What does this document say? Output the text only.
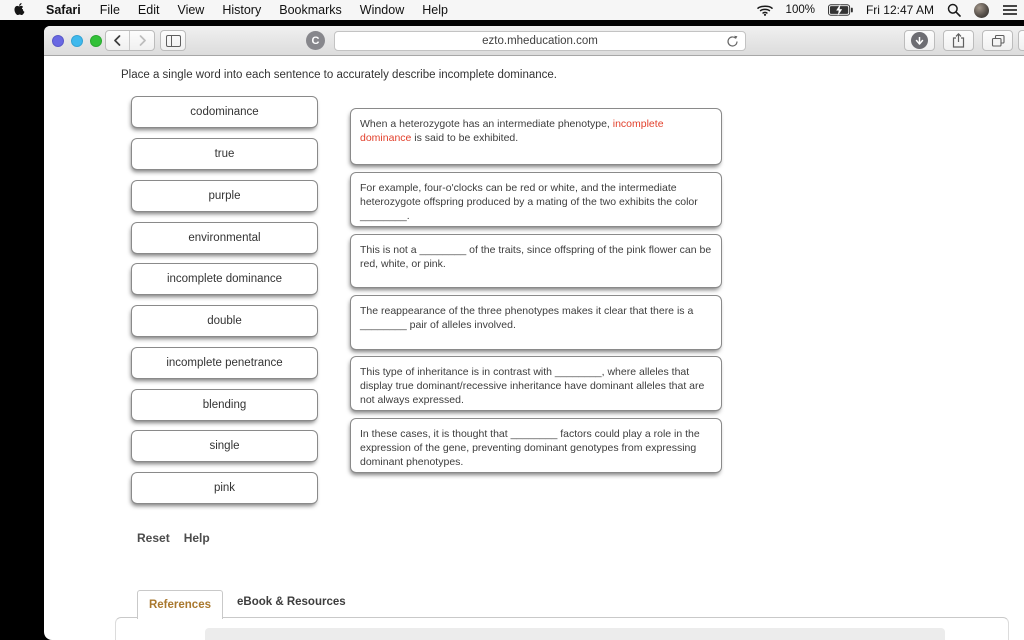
Safari	File	Edit	View	History	Bookmarks	Window	Help	100%	Fri 12:47 AM
C	ezto.mheducation.com
Place a single word into each sentence to accurately describe incomplete dominance.
codominance
true
purple
environmental
incomplete dominance
double
incomplete penetrance
blending
single
pink
When a heterozygote has an intermediate phenotype, incomplete dominance is said to be exhibited.
For example, four-o'clocks can be red or white, and the intermediate heterozygote offspring produced by a mating of the two exhibits the color ________.
This is not a ________ of the traits, since offspring of the pink flower can be red, white, or pink.
The reappearance of the three phenotypes makes it clear that there is a ________ pair of alleles involved.
This type of inheritance is in contrast with ________, where alleles that display true dominant/recessive inheritance have dominant alleles that are not always expressed.
In these cases, it is thought that ________ factors could play a role in the expression of the gene, preventing dominant genotypes from expressing dominant phenotypes.
Reset Help
References	eBook & Resources
